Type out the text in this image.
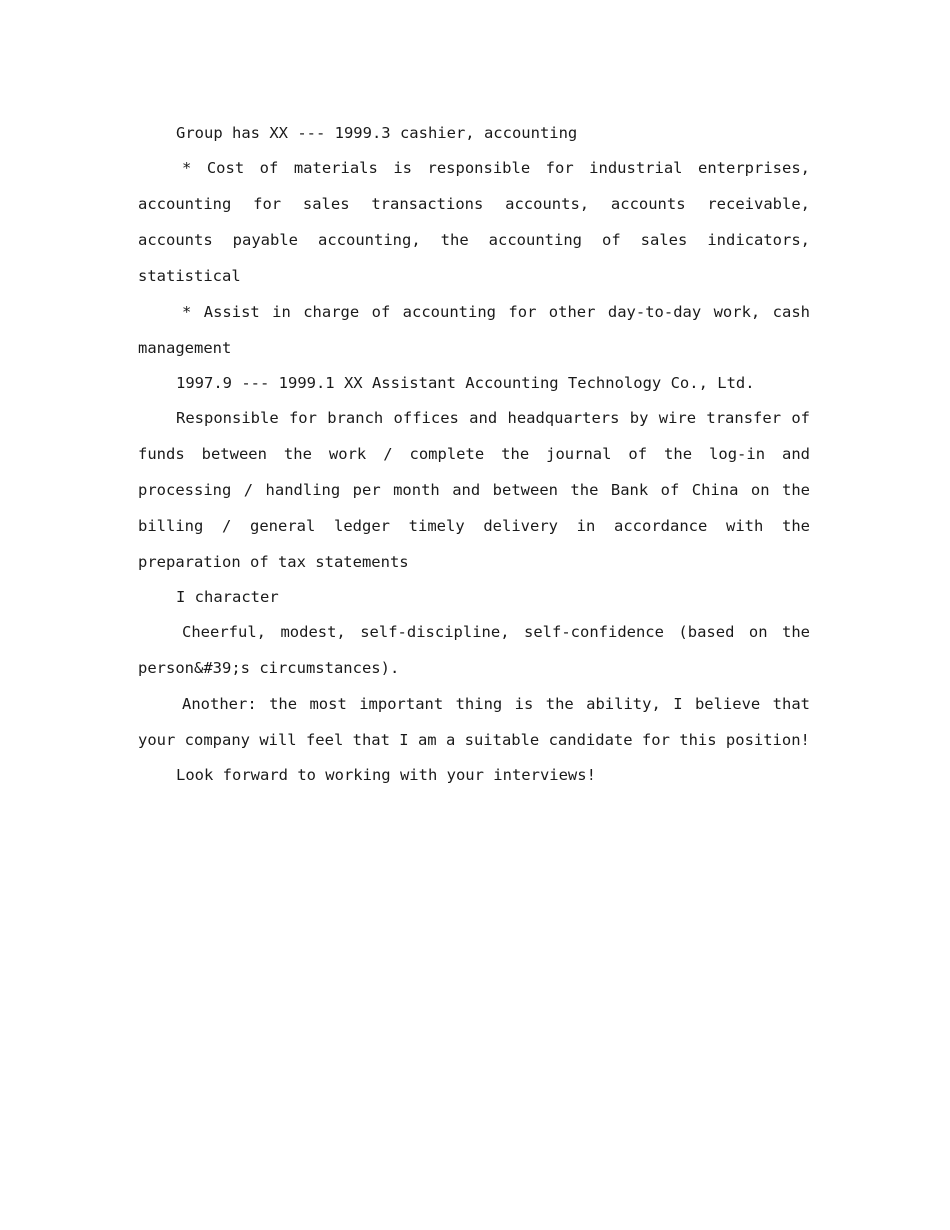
Group has XX --- 1999.3 cashier, accounting

* Cost of materials is responsible for industrial enterprises, accounting for sales transactions accounts, accounts receivable, accounts payable accounting, the accounting of sales indicators, statistical

* Assist in charge of accounting for other day-to-day work, cash management

1997.9 --- 1999.1 XX Assistant Accounting Technology Co., Ltd.

Responsible for branch offices and headquarters by wire transfer of funds between the work / complete the journal of the log-in and processing / handling per month and between the Bank of China on the billing / general ledger timely delivery in accordance with the preparation of tax statements

I character

Cheerful, modest, self-discipline, self-confidence (based on the person&#39;s circumstances).

Another: the most important thing is the ability, I believe that your company will feel that I am a suitable candidate for this position!

Look forward to working with your interviews!
